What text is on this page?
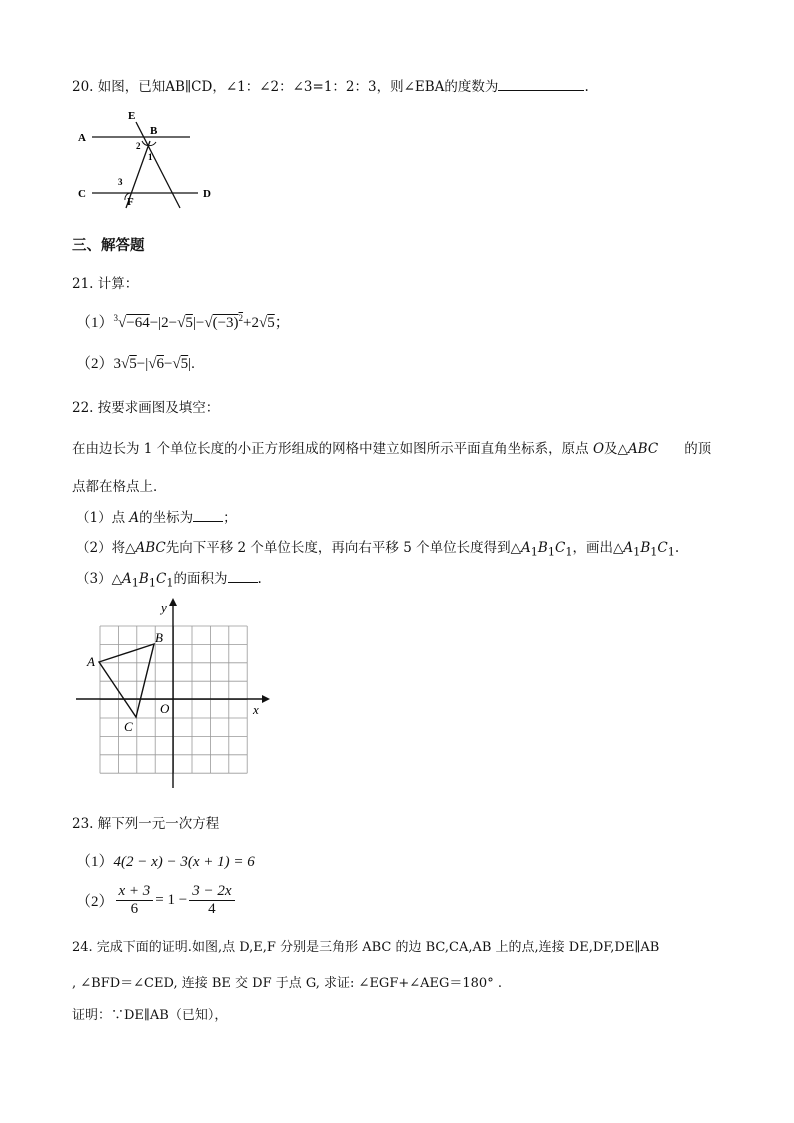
20. 如图，已知AB∥CD，∠1：∠2：∠3=1：2：3，则∠EBA的度数为	.
E
B
A
2
1
C
3
F
D
三、解答题
21. 计算：
$(1)^3√-64-|2-√5|-√(-3)^2+2√5$；
（2）3√5−|√6−√5|.
22. 按要求画图及填空：
在由边长为 1 个单位长度的小正方形组成的网格中建立如图所示平面直角坐标系，原点 O及△ABC 的顶
点都在格点上．
（1）点 A的坐标为 ；
（2）将△ABC先向下平移 2 个单位长度，再向右平移 5 个单位长度得到$\triangle A_1B_1C_1$，画出$\triangle A_1B_1C_1$.
$(3)\triangle A_1B_1C_1$的面积为 .
y
x
A
B
C
O
23. 解下列一元一次方程
（1）4(2 − x) − 3(x + 1) = 6
$(2) \frac{x + 3}{6} = 1 - \frac{3 - 2x}{4}$
24. 完成下面的证明.如图,点 D,E,F 分别是三角形 ABC 的边 BC,CA,AB 上的点,连接 DE,DF,DE∥AB
, ∠BFD＝∠CED, 连接 BE 交 DF 于点 G, 求证: ∠EGF+∠AEG＝180° .
证明：∵DE∥AB（已知），
